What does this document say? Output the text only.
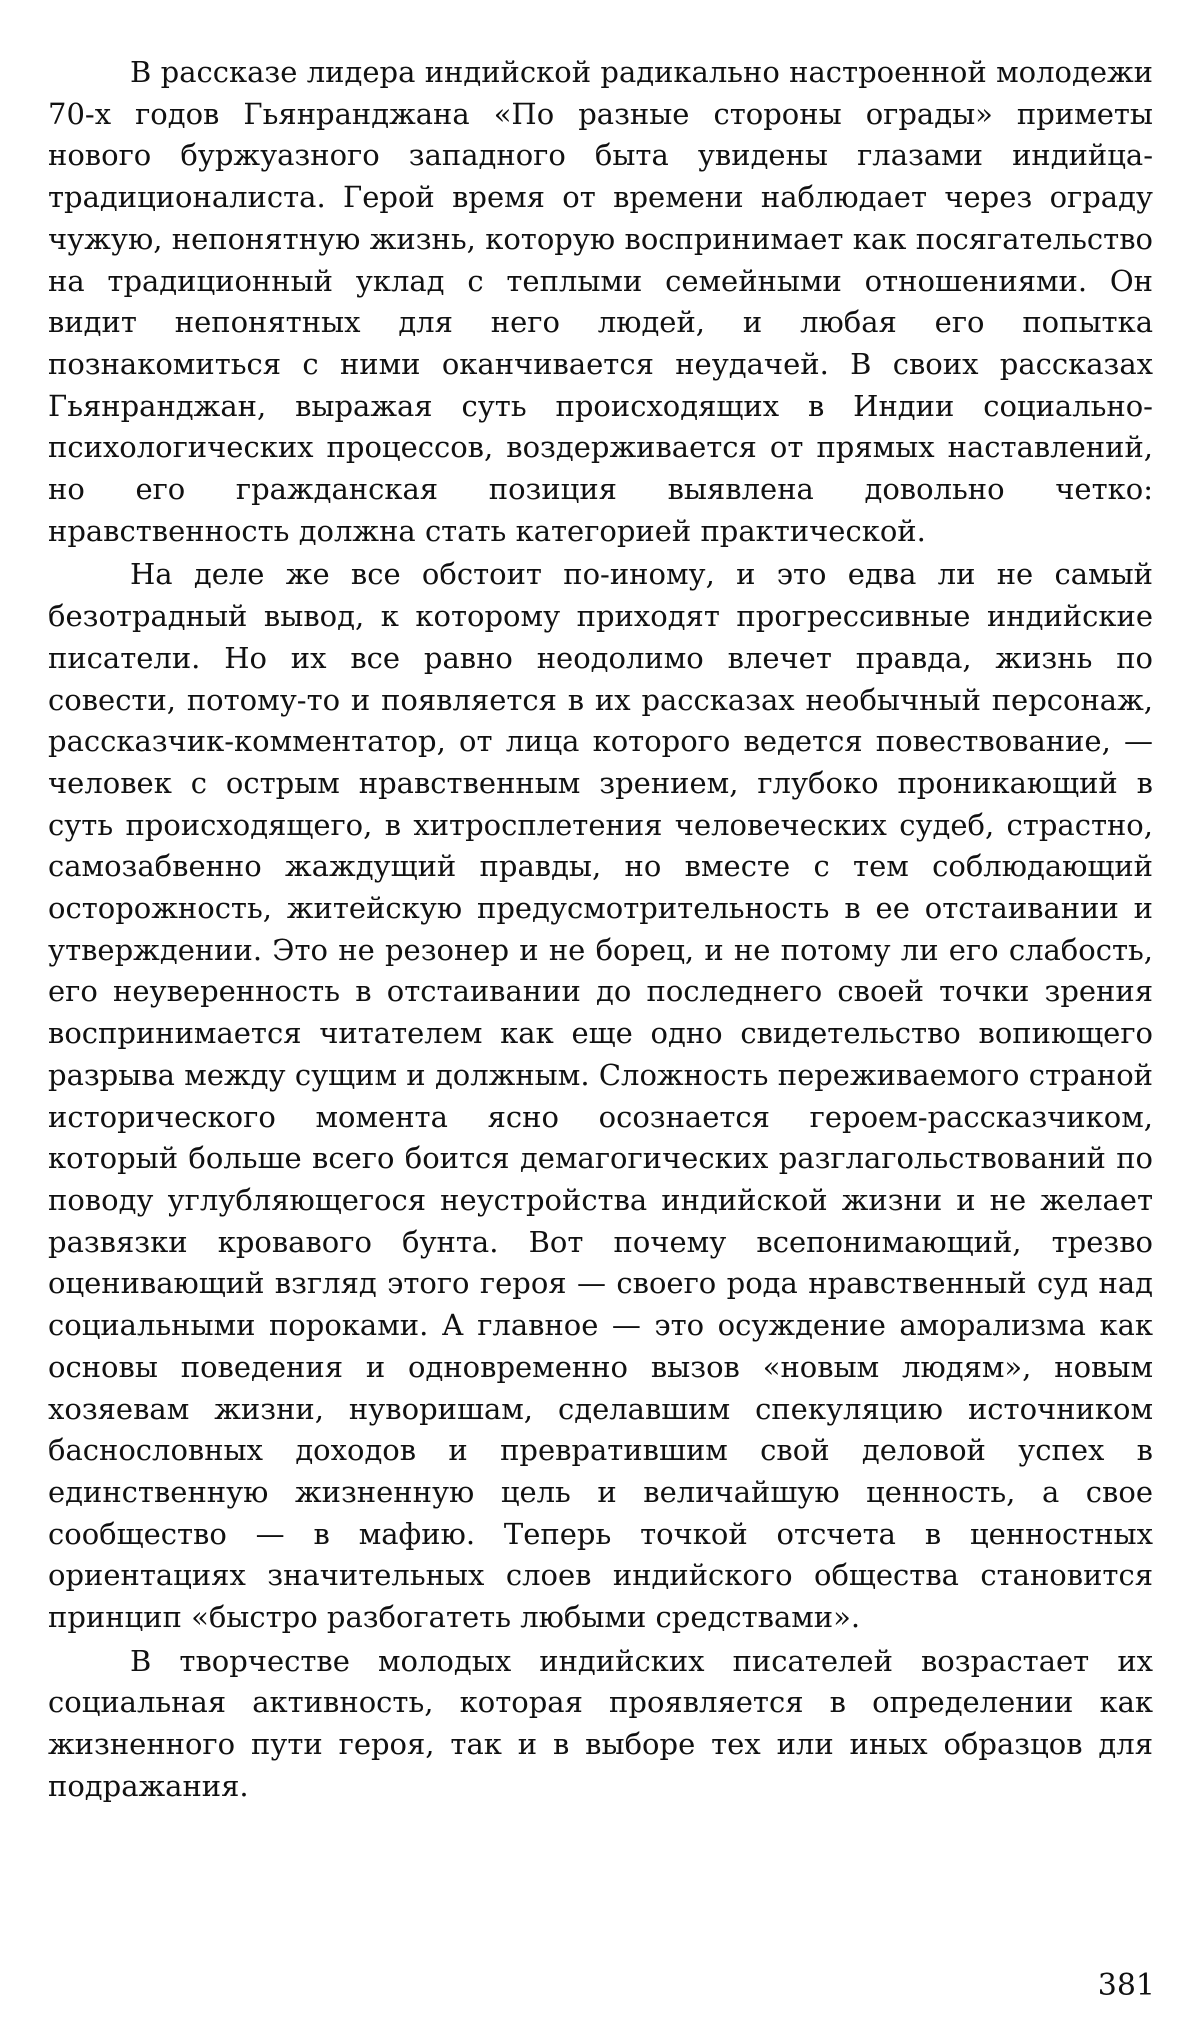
В рассказе лидера индийской радикально настроенной молодежи 70-х годов Гьянранджана «По разные стороны ограды» приметы нового буржуазного западного быта увидены глазами индийца-традиционалиста. Герой время от времени наблюдает через ограду чужую, непонятную жизнь, которую воспринимает как посягательство на традиционный уклад с теплыми семейными отношениями. Он видит непонятных для него людей, и любая его попытка познакомиться с ними оканчивается неудачей. В своих рассказах Гьянранджан, выражая суть происходящих в Индии социально-психологических процессов, воздерживается от прямых наставлений, но его гражданская позиция выявлена довольно четко: нравственность должна стать категорией практической.

На деле же все обстоит по-иному, и это едва ли не самый безотрадный вывод, к которому приходят прогрессивные индийские писатели. Но их все равно неодолимо влечет правда, жизнь по совести, потому-то и появляется в их рассказах необычный персонаж, рассказчик-комментатор, от лица которого ведется повествование, — человек с острым нравственным зрением, глубоко проникающий в суть происходящего, в хитросплетения человеческих судеб, страстно, самозабвенно жаждущий правды, но вместе с тем соблюдающий осторожность, житейскую предусмотрительность в ее отстаивании и утверждении. Это не резонер и не борец, и не потому ли его слабость, его неуверенность в отстаивании до последнего своей точки зрения воспринимается читателем как еще одно свидетельство вопиющего разрыва между сущим и должным. Сложность переживаемого страной исторического момента ясно осознается героем-рассказчиком, который больше всего боится демагогических разглагольствований по поводу углубляющегося неустройства индийской жизни и не желает развязки кровавого бунта. Вот почему всепонимающий, трезво оценивающий взгляд этого героя — своего рода нравственный суд над социальными пороками. А главное — это осуждение аморализма как основы поведения и одновременно вызов «новым людям», новым хозяевам жизни, нуворишам, сделавшим спекуляцию источником баснословных доходов и превратившим свой деловой успех в единственную жизненную цель и величайшую ценность, а свое сообщество — в мафию. Теперь точкой отсчета в ценностных ориентациях значительных слоев индийского общества становится принцип «быстро разбогатеть любыми средствами».

В творчестве молодых индийских писателей возрастает их социальная активность, которая проявляется в определении как жизненного пути героя, так и в выборе тех или иных образцов для подражания.

381
